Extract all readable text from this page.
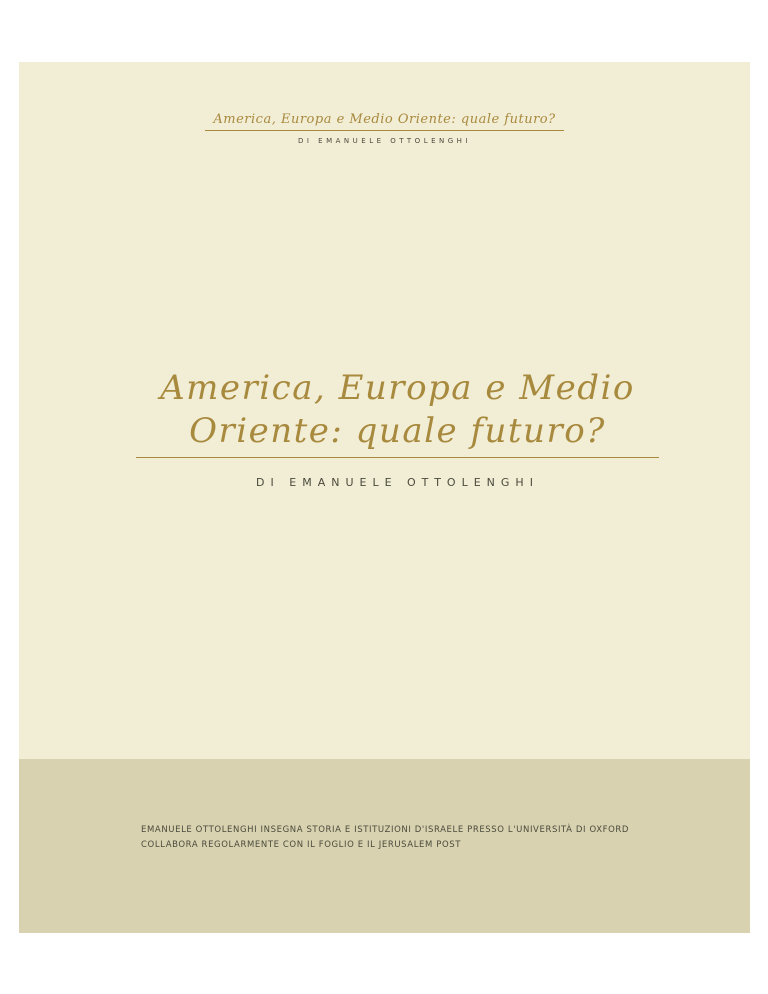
America, Europa e Medio Oriente: quale futuro?
DI EMANUELE OTTOLENGHI
America, Europa e Medio
Oriente: quale futuro?
DI EMANUELE OTTOLENGHI
EMANUELE OTTOLENGHI INSEGNA STORIA E ISTITUZIONI D'ISRAELE PRESSO L'UNIVERSITÀ DI OXFORD
COLLABORA REGOLARMENTE CON IL FOGLIO E IL JERUSALEM POST
